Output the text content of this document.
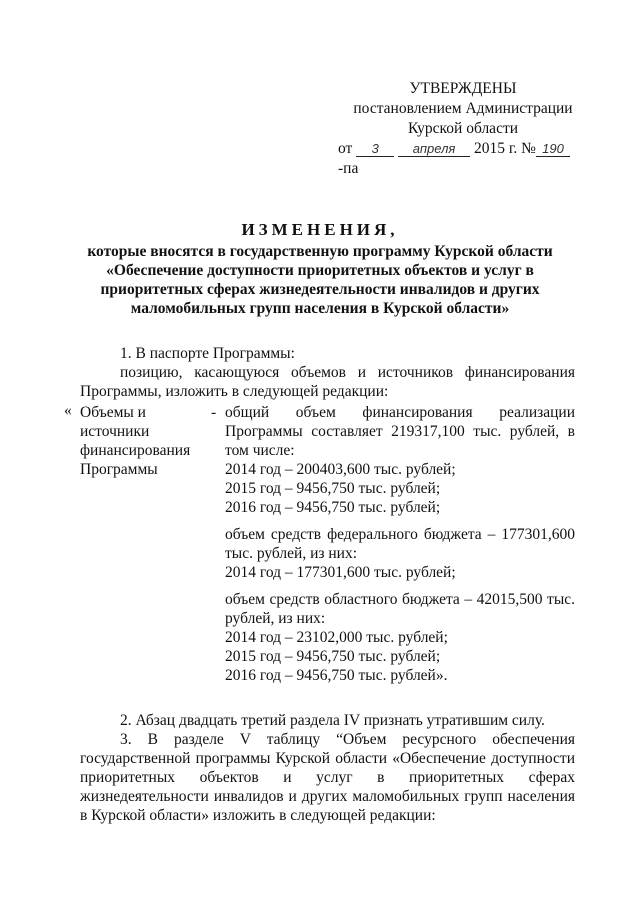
УТВЕРЖДЕНЫ
постановлением Администрации
Курской области
от 3	апреля 2015 г. № 190-па
ИЗМЕНЕНИЯ,
которые вносятся в государственную программу Курской области
«Обеспечение доступности приоритетных объектов и услуг в
приоритетных сферах жизнедеятельности инвалидов и других
маломобильных групп населения в Курской области»

1. В паспорте Программы:

позицию, касающуюся объемов и источников финансирования Программы, изложить в следующей редакции:

« Объемы и
источники
финансирования
Программы
- общий объем финансирования реализации Программы составляет 219317,100 тыс. рублей, в том числе:
2014 год – 200403,600 тыс. рублей;
2015 год – 9456,750 тыс. рублей;
2016 год – 9456,750 тыс. рублей;
объем средств федерального бюджета – 177301,600 тыс. рублей, из них:
2014 год – 177301,600 тыс. рублей;
объем средств областного бюджета – 42015,500 тыс. рублей, из них:
2014 год – 23102,000 тыс. рублей;
2015 год – 9456,750 тыс. рублей;
2016 год – 9456,750 тыс. рублей».

2. Абзац двадцать третий раздела IV признать утратившим силу.

3. В разделе V таблицу “Объем ресурсного обеспечения государственной программы Курской области «Обеспечение доступности приоритетных объектов и услуг в приоритетных сферах жизнедеятельности инвалидов и других маломобильных групп населения в Курской области» изложить в следующей редакции:
